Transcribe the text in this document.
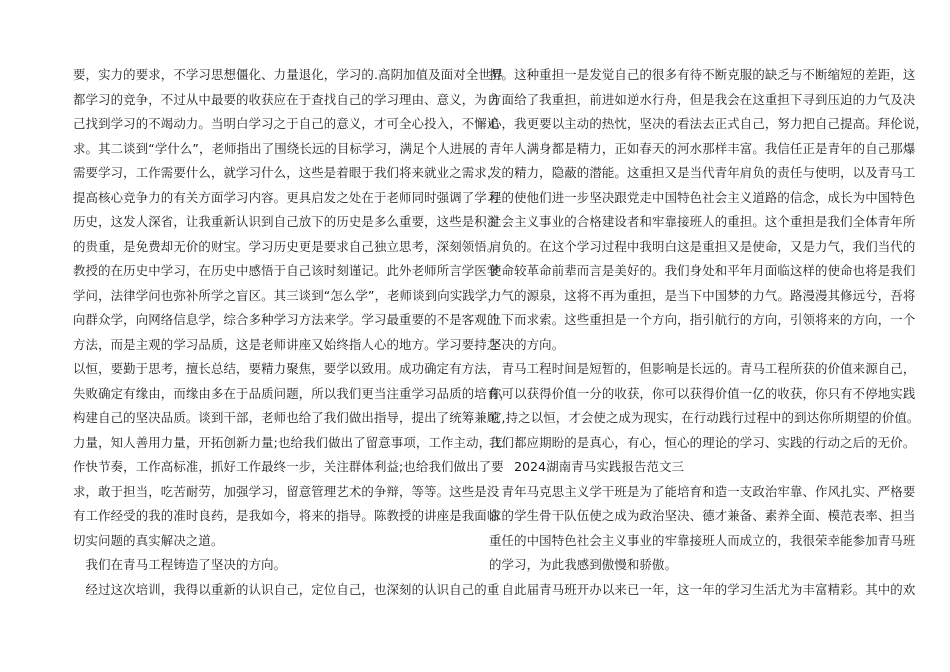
要，实力的要求，不学习思想僵化、力量退化，学习的.高阴加值及面对全世界
都学习的竞争，不过从中最要的收获应在于查找自己的学习理由、意义，为自
己找到学习的不竭动力。当明白学习之于自己的意义，才可全心投入，不懈追
求。其二谈到“学什么”，老师指出了围绕长远的目标学习，满足个人进展的
需要学习，工作需要什么，就学习什么，这些是着眼于我们将来就业之需求，
提高核心竞争力的有关方面学习内容。更具启发之处在于老师同时强调了学习
历史，这发人深省，让我重新认识到自己放下的历史是多么重要，这些是积淀
的贵重，是免费却无价的财宝。学习历史更是要求自己独立思考，深刻领悟。
教授的在历史中学习，在历史中感悟于自己该时刻谨记。此外老师所言学医学
学问，法律学问也弥补所学之盲区。其三谈到“怎么学”，老师谈到向实践学，
向群众学，向网络信息学，综合多种学习方法来学。学习最重要的不是客观的
方法，而是主观的学习品质，这是老师讲座又始终指人心的地方。学习要持之
以恒，要勤于思考，擅长总结，要精力聚焦，要学以致用。成功确定有方法，
失败确定有缘由，而缘由多在于品质问题，所以我们更当注重学习品质的培育，
构建自己的坚决品质。谈到干部，老师也给了我们做出指导，提出了统筹兼顾
力量，知人善用力量，开拓创新力量;也给我们做出了留意事项，工作主动，工
作快节奏，工作高标准，抓好工作最终一步，关注群体利益;也给我们做出了要
求，敢于担当，吃苦耐劳，加强学习，留意管理艺术的争辩，等等。这些是没
有工作经受的我的准时良药，是我如今，将来的指导。陈教授的讲座是我面临
切实问题的真实解决之道。
　我们在青马工程铸造了坚决的方向。
　经过这次培训，我得以重新的认识自己，定位自己，也深刻的认识自己的重
担。这种重担一是发觉自己的很多有待不断克服的缺乏与不断缩短的差距，这
方面给了我重担，前进如逆水行舟，但是我会在这重担下寻到压迫的力气及决
心，我更要以主动的热忱，坚决的看法去正式自己，努力把自己提高。拜伦说，
青年人满身都是精力，正如春天的河水那样丰富。我信任正是青年的自己那爆
发的精力，隐蔽的潜能。这重担又是当代青年肩负的责任与使明，以及青马工
程的使他们进一步坚决跟党走中国特色社会主义道路的信念，成长为中国特色
社会主义事业的合格建设者和牢靠接班人的重担。这个重担是我们全体青年所
肩负的。在这个学习过程中我明白这是重担又是使命，又是力气，我们当代的
使命较革命前辈而言是美好的。我们身处和平年月面临这样的使命也将是我们
力气的源泉，这将不再为重担，是当下中国梦的力气。路漫漫其修远兮，吾将
上下而求索。这些重担是一个方向，指引航行的方向，引领将来的方向，一个
坚决的方向。
　青马工程时间是短暂的，但影响是长远的。青马工程所获的价值来源自己，
你可以获得价值一分的收获，你可以获得价值一亿的收获，你只有不停地实践
它,持之以恒，才会使之成为现实，在行动践行过程中的到达你所期望的价值。
我们都应期盼的是真心，有心，恒心的理论的学习、实践的行动之后的无价。
　　2024湖南青马实践报告范文三
　青年马克思主义学干班是为了能培育和造一支政治牢靠、作风扎实、严格要
求的学生骨干队伍使之成为政治坚决、德才兼备、素养全面、模范表率、担当
重任的中国特色社会主义事业的牢靠接班人而成立的，我很荣幸能参加青马班
的学习，为此我感到傲慢和骄傲。
　自此届青马班开办以来已一年，这一年的学习生活尤为丰富精彩。其中的欢
